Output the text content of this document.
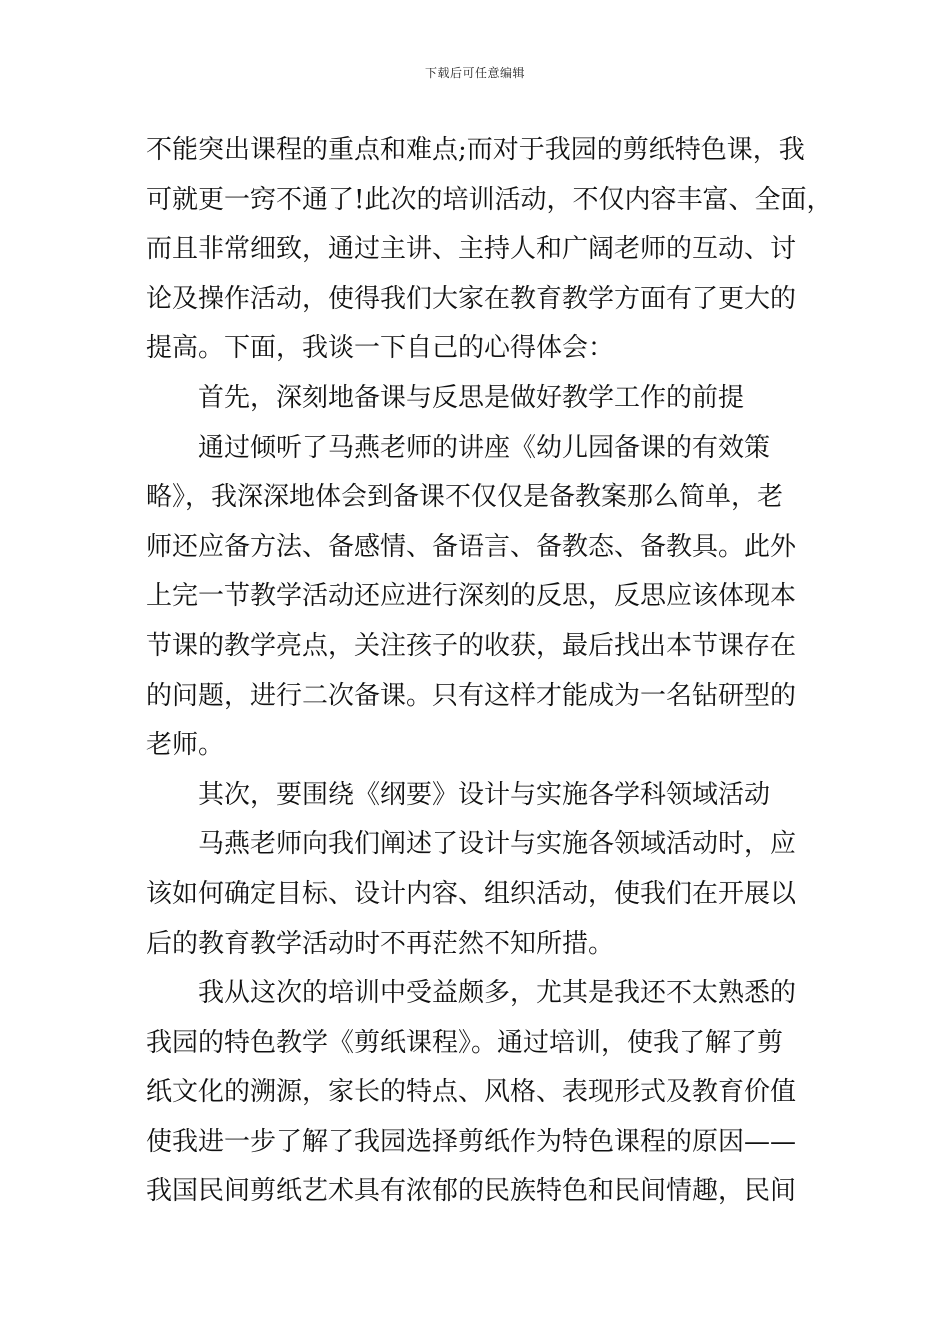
下载后可任意编辑
不能突出课程的重点和难点;而对于我园的剪纸特色课，我
可就更一窍不通了!此次的培训活动，不仅内容丰富、全面，
而且非常细致，通过主讲、主持人和广阔老师的互动、讨
论及操作活动，使得我们大家在教育教学方面有了更大的
提高。下面，我谈一下自己的心得体会：
首先，深刻地备课与反思是做好教学工作的前提
通过倾听了马燕老师的讲座《幼儿园备课的有效策
略》，我深深地体会到备课不仅仅是备教案那么简单，老
师还应备方法、备感情、备语言、备教态、备教具。此外
上完一节教学活动还应进行深刻的反思，反思应该体现本
节课的教学亮点，关注孩子的收获，最后找出本节课存在
的问题，进行二次备课。只有这样才能成为一名钻研型的
老师。
其次，要围绕《纲要》设计与实施各学科领域活动
马燕老师向我们阐述了设计与实施各领域活动时，应
该如何确定目标、设计内容、组织活动，使我们在开展以
后的教育教学活动时不再茫然不知所措。
我从这次的培训中受益颇多，尤其是我还不太熟悉的
我园的特色教学《剪纸课程》。通过培训，使我了解了剪
纸文化的溯源，家长的特点、风格、表现形式及教育价值
使我进一步了解了我园选择剪纸作为特色课程的原因——
我国民间剪纸艺术具有浓郁的民族特色和民间情趣，民间
